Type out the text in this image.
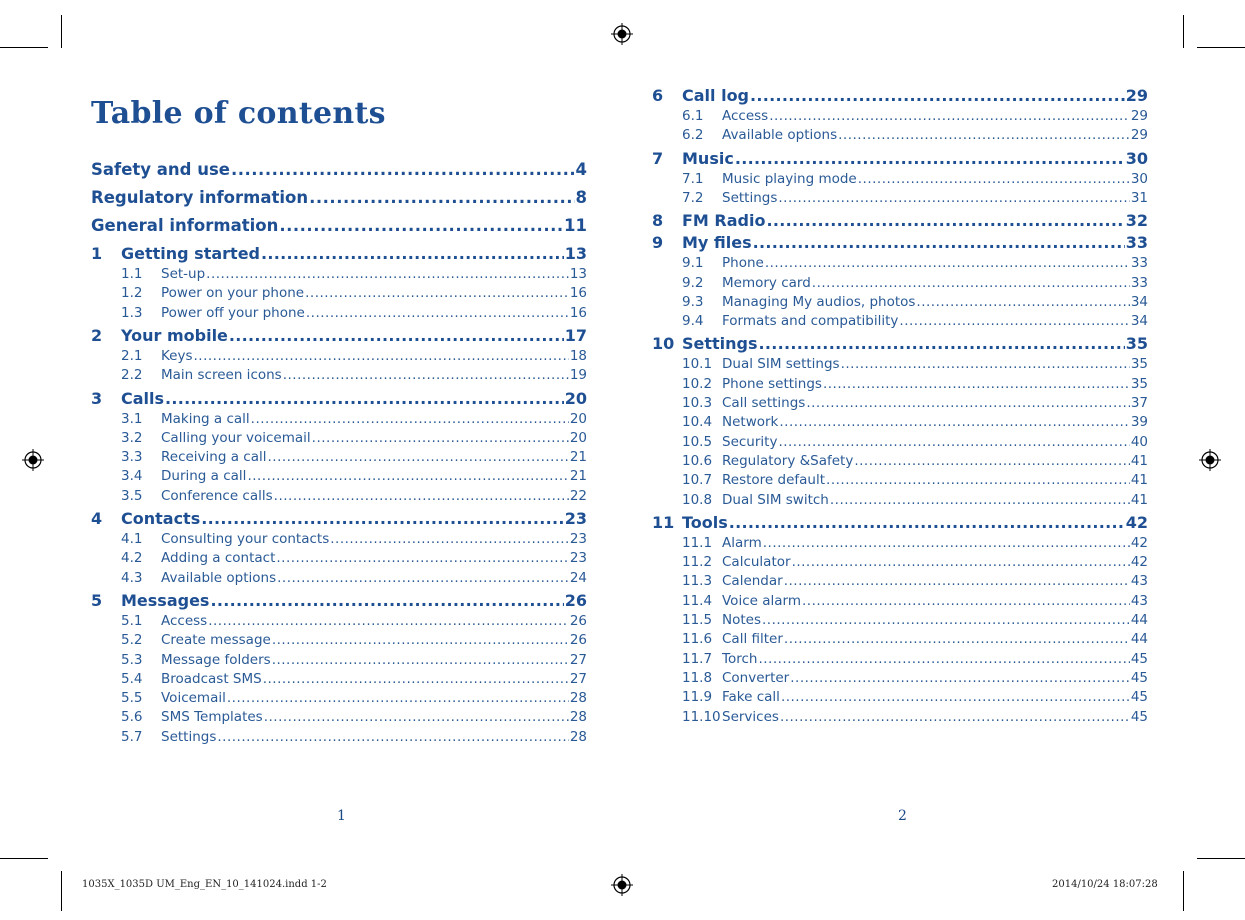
Table of contents
Safety and use .....	4
Regulatory information .....	8
General information .....	11
1	Getting started .....	13
1.1	Set-up .....	13
1.2	Power on your phone .....	16
1.3	Power off your phone .....	16
2	Your mobile .....	17
2.1	Keys .....	18
2.2	Main screen icons .....	19
3	Calls .....	20
3.1	Making a call .....	20
3.2	Calling your voicemail .....	20
3.3	Receiving a call .....	21
3.4	During a call .....	21
3.5	Conference calls .....	22
4	Contacts .....	23
4.1	Consulting your contacts .....	23
4.2	Adding a contact .....	23
4.3	Available options .....	24
5	Messages .....	26
5.1	Access .....	26
5.2	Create message .....	26
5.3	Message folders .....	27
5.4	Broadcast SMS .....	27
5.5	Voicemail .....	28
5.6	SMS Templates .....	28
5.7	Settings .....	28
6	Call log .....	29
6.1	Access .....	29
6.2	Available options .....	29
7	Music .....	30
7.1	Music playing mode .....	30
7.2	Settings .....	31
8	FM Radio .....	32
9	My files .....	33
9.1	Phone .....	33
9.2	Memory card .....	33
9.3	Managing My audios, photos .....	34
9.4	Formats and compatibility .....	34
10 Settings .....	35
10.1 Dual SIM settings .....	35
10.2 Phone settings .....	35
10.3 Call settings .....	37
10.4 Network .....	39
10.5 Security .....	40
10.6 Regulatory &Safety .....	41
10.7 Restore default .....	41
10.8 Dual SIM switch .....	41
11 Tools .....	42
11.1 Alarm .....	42
11.2 Calculator .....	42
11.3 Calendar .....	43
11.4 Voice alarm .....	43
11.5 Notes .....	44
11.6 Call filter .....	44
11.7 Torch .....	45
11.8 Converter .....	45
11.9 Fake call .....	45
11.10 Services .....	45
1	2
1035X_1035D UM_Eng_EN_10_141024.indd 1-2	2014/10/24 18:07:28
